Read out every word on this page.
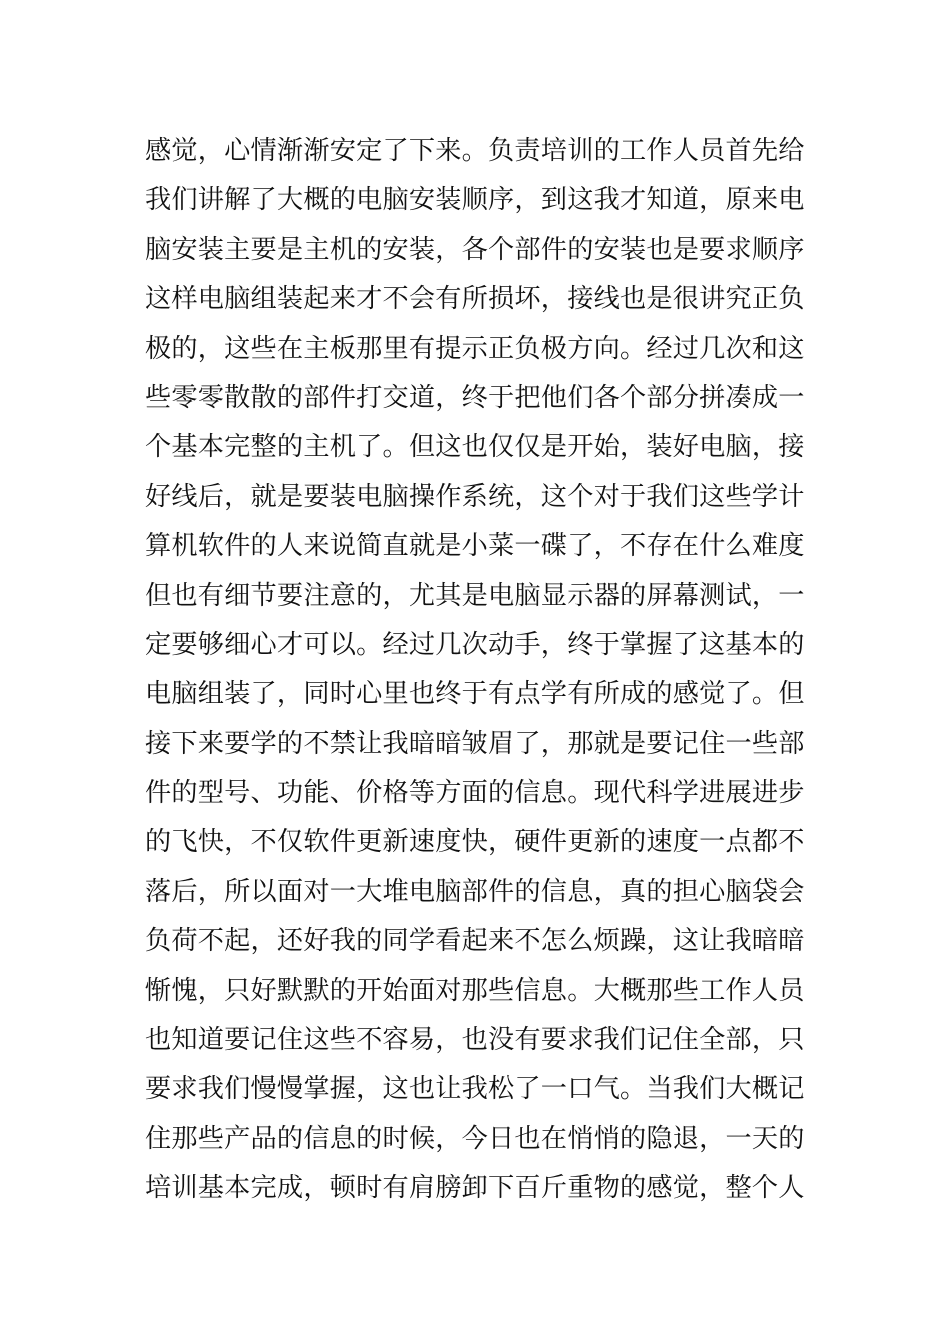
感觉，心情渐渐安定了下来。负责培训的工作人员首先给
我们讲解了大概的电脑安装顺序，到这我才知道，原来电
脑安装主要是主机的安装，各个部件的安装也是要求顺序
这样电脑组装起来才不会有所损坏，接线也是很讲究正负
极的，这些在主板那里有提示正负极方向。经过几次和这
些零零散散的部件打交道，终于把他们各个部分拼凑成一
个基本完整的主机了。但这也仅仅是开始，装好电脑，接
好线后，就是要装电脑操作系统，这个对于我们这些学计
算机软件的人来说简直就是小菜一碟了，不存在什么难度
但也有细节要注意的，尤其是电脑显示器的屏幕测试，一
定要够细心才可以。经过几次动手，终于掌握了这基本的
电脑组装了，同时心里也终于有点学有所成的感觉了。但
接下来要学的不禁让我暗暗皱眉了，那就是要记住一些部
件的型号、功能、价格等方面的信息。现代科学进展进步
的飞快，不仅软件更新速度快，硬件更新的速度一点都不
落后，所以面对一大堆电脑部件的信息，真的担心脑袋会
负荷不起，还好我的同学看起来不怎么烦躁，这让我暗暗
惭愧，只好默默的开始面对那些信息。大概那些工作人员
也知道要记住这些不容易，也没有要求我们记住全部，只
要求我们慢慢掌握，这也让我松了一口气。当我们大概记
住那些产品的信息的时候，今日也在悄悄的隐退，一天的
培训基本完成，顿时有肩膀卸下百斤重物的感觉，整个人
